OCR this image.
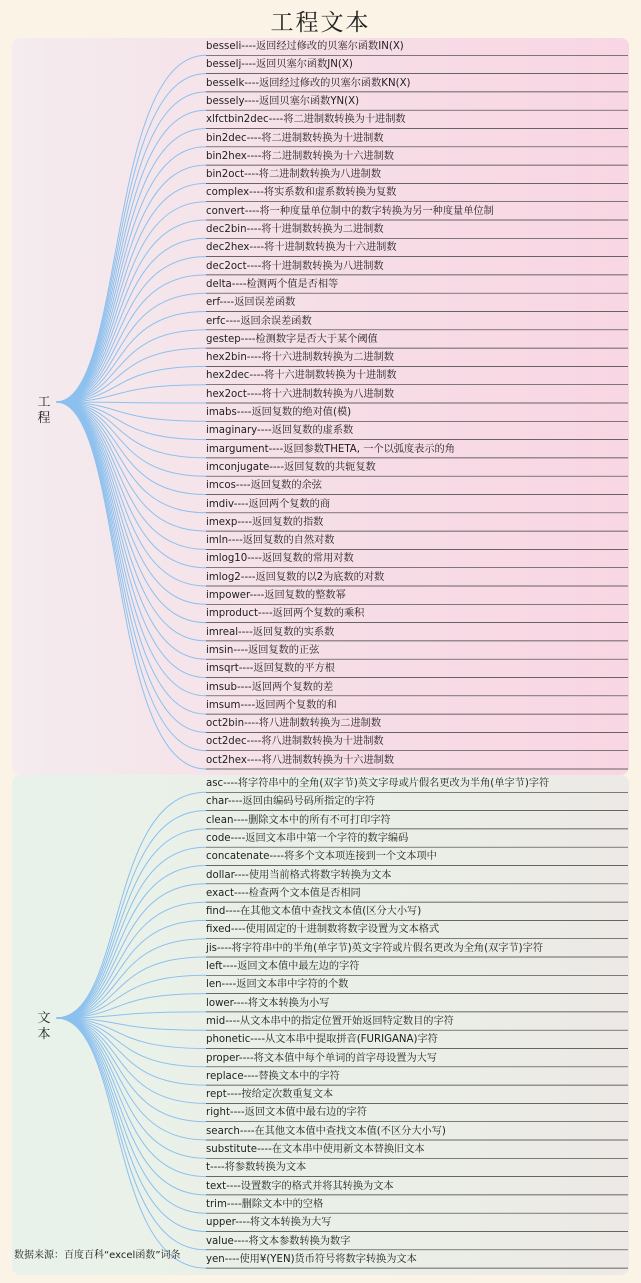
工程文本
工程
文本
besseli----返回经过修改的贝塞尔函数IN(X)
besselj----返回贝塞尔函数JN(X)
besselk----返回经过修改的贝塞尔函数KN(X)
bessely----返回贝塞尔函数YN(X)
xlfctbin2dec----将二进制数转换为十进制数
bin2dec----将二进制数转换为十进制数
bin2hex----将二进制数转换为十六进制数
bin2oct----将二进制数转换为八进制数
complex----将实系数和虚系数转换为复数
convert----将一种度量单位制中的数字转换为另一种度量单位制
dec2bin----将十进制数转换为二进制数
dec2hex----将十进制数转换为十六进制数
dec2oct----将十进制数转换为八进制数
delta----检测两个值是否相等
erf----返回误差函数
erfc----返回余误差函数
gestep----检测数字是否大于某个阈值
hex2bin----将十六进制数转换为二进制数
hex2dec----将十六进制数转换为十进制数
hex2oct----将十六进制数转换为八进制数
imabs----返回复数的绝对值(模)
imaginary----返回复数的虚系数
imargument----返回参数THETA, 一个以弧度表示的角
imconjugate----返回复数的共轭复数
imcos----返回复数的余弦
imdiv----返回两个复数的商
imexp----返回复数的指数
imln----返回复数的自然对数
imlog10----返回复数的常用对数
imlog2----返回复数的以2为底数的对数
impower----返回复数的整数幂
improduct----返回两个复数的乘积
imreal----返回复数的实系数
imsin----返回复数的正弦
imsqrt----返回复数的平方根
imsub----返回两个复数的差
imsum----返回两个复数的和
oct2bin----将八进制数转换为二进制数
oct2dec----将八进制数转换为十进制数
oct2hex----将八进制数转换为十六进制数
asc----将字符串中的全角(双字节)英文字母或片假名更改为半角(单字节)字符
char----返回由编码号码所指定的字符
clean----删除文本中的所有不可打印字符
code----返回文本串中第一个字符的数字编码
concatenate----将多个文本项连接到一个文本项中
dollar----使用当前格式将数字转换为文本
exact----检查两个文本值是否相同
find----在其他文本值中查找文本值(区分大小写)
fixed----使用固定的十进制数将数字设置为文本格式
jis----将字符串中的半角(单字节)英文字符或片假名更改为全角(双字节)字符
left----返回文本值中最左边的字符
len----返回文本串中字符的个数
lower----将文本转换为小写
mid----从文本串中的指定位置开始返回特定数目的字符
phonetic----从文本串中提取拼音(FURIGANA)字符
proper----将文本值中每个单词的首字母设置为大写
replace----替换文本中的字符
rept----按给定次数重复文本
right----返回文本值中最右边的字符
search----在其他文本值中查找文本值(不区分大小写)
substitute----在文本串中使用新文本替换旧文本
t----将参数转换为文本
text----设置数字的格式并将其转换为文本
trim----删除文本中的空格
upper----将文本转换为大写
value----将文本参数转换为数字
yen----使用¥(YEN)货币符号将数字转换为文本
数据来源：百度百科“excel函数”词条
